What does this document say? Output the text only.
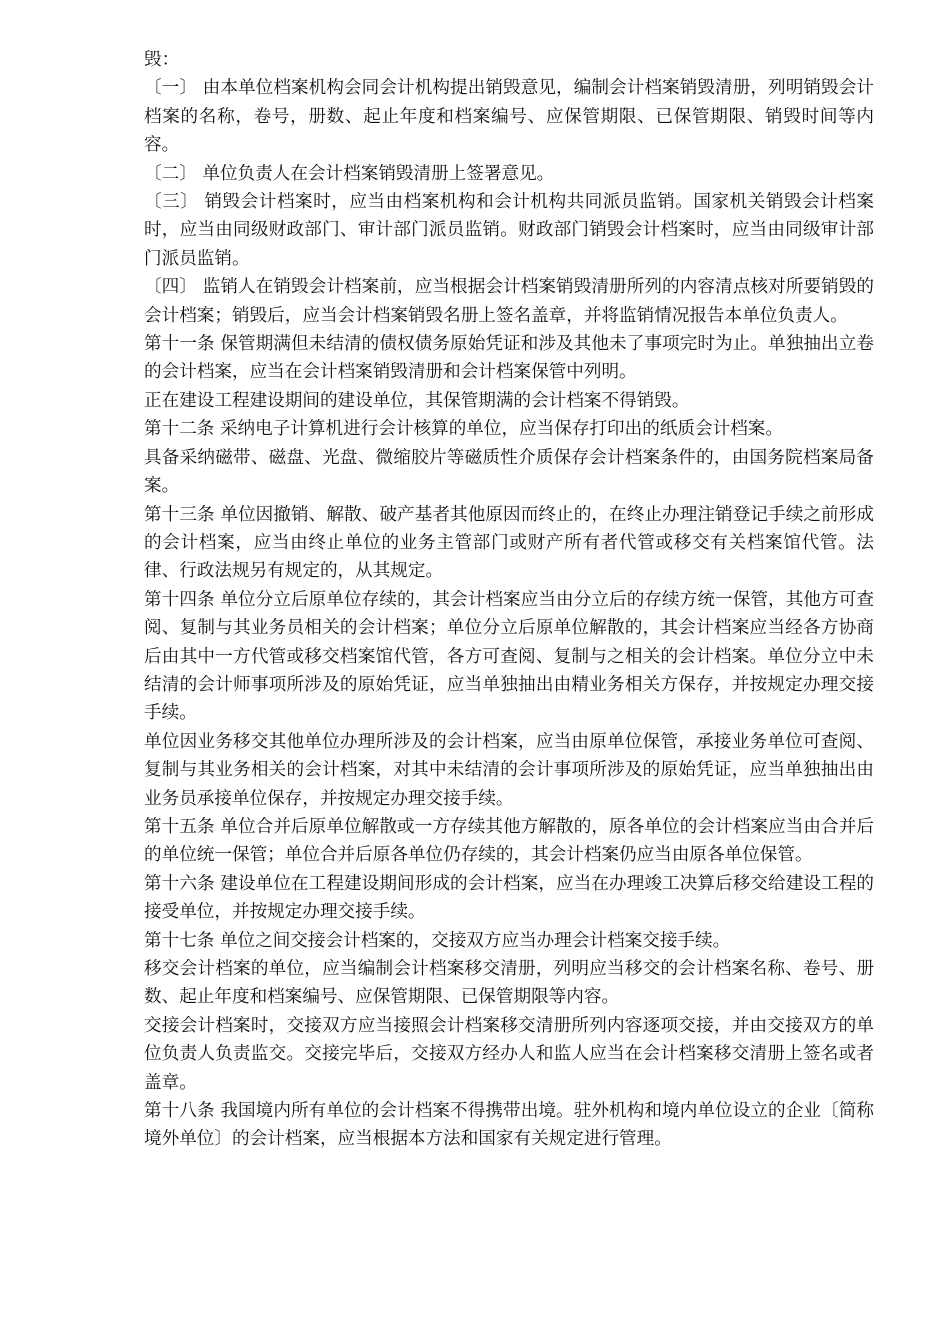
毁：

〔一〕 由本单位档案机构会同会计机构提出销毁意见，编制会计档案销毁清册，列明销毁会计档案的名称，卷号，册数、起止年度和档案编号、应保管期限、已保管期限、销毁时间等内容。

〔二〕 单位负责人在会计档案销毁清册上签署意见。

〔三〕 销毁会计档案时，应当由档案机构和会计机构共同派员监销。国家机关销毁会计档案时，应当由同级财政部门、审计部门派员监销。财政部门销毁会计档案时，应当由同级审计部门派员监销。

〔四〕 监销人在销毁会计档案前，应当根据会计档案销毁清册所列的内容清点核对所要销毁的会计档案；销毁后，应当会计档案销毁名册上签名盖章，并将监销情况报告本单位负责人。

第十一条 保管期满但未结清的债权债务原始凭证和涉及其他未了事项完时为止。单独抽出立卷的会计档案，应当在会计档案销毁清册和会计档案保管中列明。

正在建设工程建设期间的建设单位，其保管期满的会计档案不得销毁。

第十二条 采纳电子计算机进行会计核算的单位，应当保存打印出的纸质会计档案。

具备采纳磁带、磁盘、光盘、微缩胶片等磁质性介质保存会计档案条件的，由国务院档案局备案。

第十三条 单位因撤销、解散、破产基者其他原因而终止的，在终止办理注销登记手续之前形成的会计档案，应当由终止单位的业务主管部门或财产所有者代管或移交有关档案馆代管。法律、行政法规另有规定的，从其规定。

第十四条 单位分立后原单位存续的，其会计档案应当由分立后的存续方统一保管，其他方可查阅、复制与其业务员相关的会计档案；单位分立后原单位解散的，其会计档案应当经各方协商后由其中一方代管或移交档案馆代管，各方可查阅、复制与之相关的会计档案。单位分立中未结清的会计师事项所涉及的原始凭证，应当单独抽出由精业务相关方保存，并按规定办理交接手续。

单位因业务移交其他单位办理所涉及的会计档案，应当由原单位保管，承接业务单位可查阅、复制与其业务相关的会计档案，对其中未结清的会计事项所涉及的原始凭证，应当单独抽出由业务员承接单位保存，并按规定办理交接手续。

第十五条 单位合并后原单位解散或一方存续其他方解散的，原各单位的会计档案应当由合并后的单位统一保管；单位合并后原各单位仍存续的，其会计档案仍应当由原各单位保管。

第十六条 建设单位在工程建设期间形成的会计档案，应当在办理竣工决算后移交给建设工程的接受单位，并按规定办理交接手续。

第十七条 单位之间交接会计档案的，交接双方应当办理会计档案交接手续。

移交会计档案的单位，应当编制会计档案移交清册，列明应当移交的会计档案名称、卷号、册数、起止年度和档案编号、应保管期限、已保管期限等内容。

交接会计档案时，交接双方应当接照会计档案移交清册所列内容逐项交接，并由交接双方的单位负责人负责监交。交接完毕后，交接双方经办人和监人应当在会计档案移交清册上签名或者盖章。

第十八条 我国境内所有单位的会计档案不得携带出境。驻外机构和境内单位设立的企业〔简称境外单位〕的会计档案，应当根据本方法和国家有关规定进行管理。
